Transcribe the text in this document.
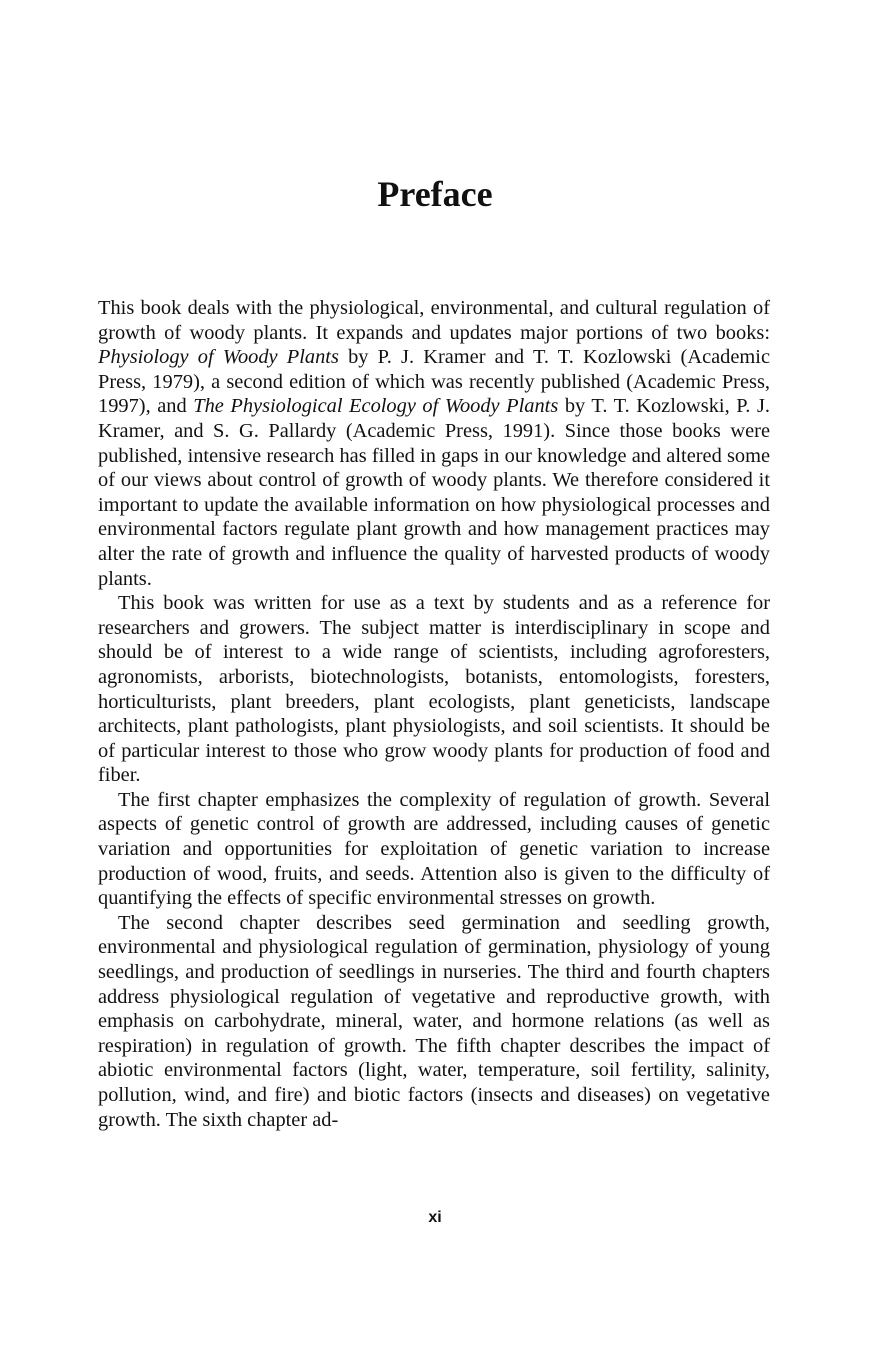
Preface

This book deals with the physiological, environmental, and cultural regulation of growth of woody plants. It expands and updates major portions of two books: Physiology of Woody Plants by P. J. Kramer and T. T. Kozlowski (Academic Press, 1979), a second edition of which was recently published (Academic Press, 1997), and The Physiological Ecology of Woody Plants by T. T. Kozlowski, P. J. Kramer, and S. G. Pallardy (Academic Press, 1991). Since those books were published, intensive research has filled in gaps in our knowledge and altered some of our views about control of growth of woody plants. We therefore considered it important to update the available information on how physiological processes and environmental factors regulate plant growth and how management practices may alter the rate of growth and influence the quality of harvested products of woody plants.

This book was written for use as a text by students and as a reference for researchers and growers. The subject matter is interdisciplinary in scope and should be of interest to a wide range of scientists, including agroforesters, agronomists, arborists, biotechnologists, botanists, entomologists, foresters, horticulturists, plant breeders, plant ecologists, plant geneticists, landscape architects, plant pathologists, plant physiologists, and soil scientists. It should be of particular interest to those who grow woody plants for production of food and fiber.

The first chapter emphasizes the complexity of regulation of growth. Several aspects of genetic control of growth are addressed, including causes of genetic variation and opportunities for exploitation of genetic variation to increase production of wood, fruits, and seeds. Attention also is given to the difficulty of quantifying the effects of specific environmental stresses on growth.

The second chapter describes seed germination and seedling growth, environmental and physiological regulation of germination, physiology of young seedlings, and production of seedlings in nurseries. The third and fourth chapters address physiological regulation of vegetative and reproductive growth, with emphasis on carbohydrate, mineral, water, and hormone relations (as well as respiration) in regulation of growth. The fifth chapter describes the impact of abiotic environmental factors (light, water, temperature, soil fertility, salinity, pollution, wind, and fire) and biotic factors (insects and diseases) on vegetative growth. The sixth chapter ad-

xi
